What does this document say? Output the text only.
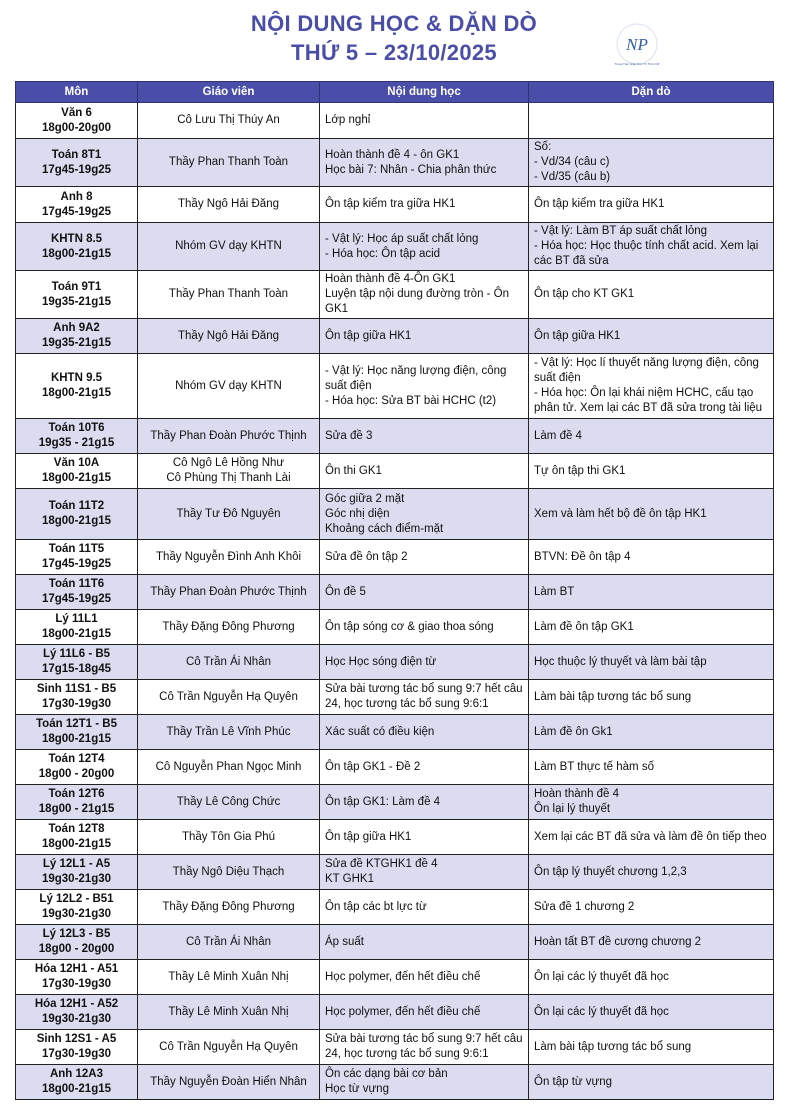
NỘI DUNG HỌC & DẶN DÒ
THỨ 5 – 23/10/2025	NP
Trung Tâm Giáo Dục Trí Thức NP
Môn	Giáo viên	Nội dung học	Dặn dò

Văn 6
18g00-20g00	Cô Lưu Thị Thúy An	Lớp nghỉ	

Toán 8T1
17g45-19g25	Thầy Phan Thanh Toàn	Hoàn thành đề 4 - ôn GK1
Học bài 7: Nhân - Chia phân thức	Số:
- Vd/34 (câu c)
- Vd/35 (câu b)

Anh 8
17g45-19g25	Thầy Ngô Hải Đăng	Ôn tập kiểm tra giữa HK1	Ôn tập kiểm tra giữa HK1

KHTN 8.5
18g00-21g15	Nhóm GV dạy KHTN	- Vật lý: Học áp suất chất lỏng
- Hóa học: Ôn tập acid	- Vật lý: Làm BT áp suất chất lỏng
- Hóa học: Học thuộc tính chất acid. Xem lại các BT đã sửa

Toán 9T1
19g35-21g15	Thầy Phan Thanh Toàn	Hoàn thành đề 4-Ôn GK1
Luyện tập nội dung đường tròn - Ôn GK1	Ôn tập cho KT GK1

Anh 9A2
19g35-21g15	Thầy Ngô Hải Đăng	Ôn tập giữa HK1	Ôn tập giữa HK1

KHTN 9.5
18g00-21g15	Nhóm GV dạy KHTN	- Vật lý: Học năng lượng điện, công suất điện
- Hóa học: Sửa BT bài HCHC (t2)	- Vật lý: Học lí thuyết năng lượng điện, công suất điện
- Hóa học: Ôn lại khái niệm HCHC, cấu tạo phân tử. Xem lại các BT đã sửa trong tài liệu

Toán 10T6
19g35 - 21g15	Thầy Phan Đoàn Phước Thịnh	Sửa đề 3	Làm đề 4

Văn 10A
18g00-21g15	Cô Ngô Lê Hồng Như
Cô Phùng Thị Thanh Lài	Ôn thi GK1	Tự ôn tập thi GK1

Toán 11T2
18g00-21g15	Thầy Tư Đô Nguyên	Góc giữa 2 mặt
Góc nhị diện
Khoảng cách điểm-mặt	Xem và làm hết bộ đề ôn tập HK1

Toán 11T5
17g45-19g25	Thầy Nguyễn Đình Anh Khôi	Sửa đề ôn tập 2	BTVN: Đề ôn tập 4

Toán 11T6
17g45-19g25	Thầy Phan Đoàn Phước Thịnh	Ôn đề 5	Làm BT

Lý 11L1
18g00-21g15	Thầy Đặng Đông Phương	Ôn tập sóng cơ & giao thoa sóng	Làm đề ôn tập GK1

Lý 11L6 - B5
17g15-18g45	Cô Trần Ái Nhân	Học Học sóng điện từ	Học thuộc lý thuyết và làm bài tập

Sinh 11S1 - B5
17g30-19g30	Cô Trần Nguyễn Hạ Quyên	Sửa bài tương tác bổ sung 9:7 hết câu 24, học tương tác bổ sung 9:6:1	Làm bài tập tương tác bổ sung

Toán 12T1 - B5
18g00-21g15	Thầy Trần Lê Vĩnh Phúc	Xác suất có điều kiện	Làm đề ôn Gk1

Toán 12T4
18g00 - 20g00	Cô Nguyễn Phan Ngọc Minh	Ôn tập GK1 - Đề 2	Làm BT thực tế hàm số

Toán 12T6
18g00 - 21g15	Thầy Lê Công Chức	Ôn tập GK1: Làm đề 4	Hoàn thành đề 4
Ôn lại lý thuyết

Toán 12T8
18g00-21g15	Thầy Tôn Gia Phú	Ôn tập giữa HK1	Xem lại các BT đã sửa và làm đề ôn tiếp theo

Lý 12L1 - A5
19g30-21g30	Thầy Ngô Diệu Thạch	Sửa đề KTGHK1 đề 4
KT GHK1	Ôn tập lý thuyết chương 1,2,3

Lý 12L2 - B51
19g30-21g30	Thầy Đặng Đông Phương	Ôn tập các bt lực từ	Sửa đề 1 chương 2

Lý 12L3 - B5
18g00 - 20g00	Cô Trần Ái Nhân	Áp suất	Hoàn tất BT đề cương chương 2

Hóa 12H1 - A51
17g30-19g30	Thầy Lê Minh Xuân Nhị	Học polymer, đến hết điều chế	Ôn lại các lý thuyết đã học

Hóa 12H1 - A52
19g30-21g30	Thầy Lê Minh Xuân Nhị	Học polymer, đến hết điều chế	Ôn lại các lý thuyết đã học

Sinh 12S1 - A5
17g30-19g30	Cô Trần Nguyễn Hạ Quyên	Sửa bài tương tác bổ sung 9:7 hết câu 24, học tương tác bổ sung 9:6:1	Làm bài tập tương tác bổ sung

Anh 12A3
18g00-21g15	Thầy Nguyễn Đoàn Hiển Nhân	Ôn các dạng bài cơ bản
Học từ vựng	Ôn tập từ vựng
